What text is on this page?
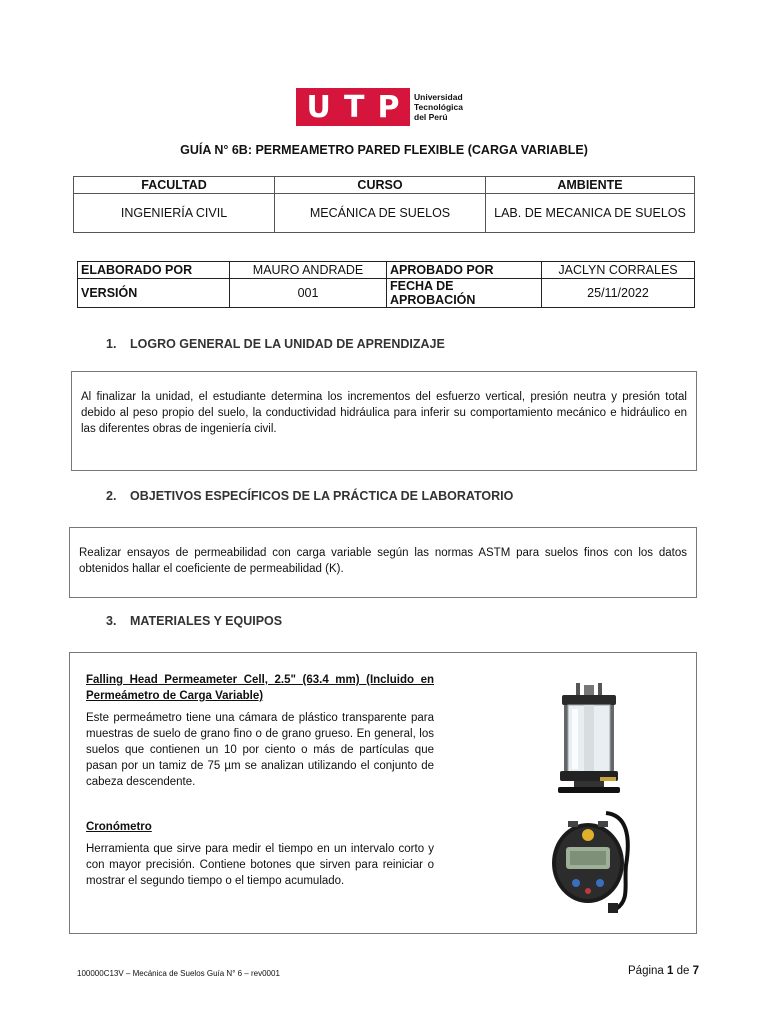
U T P Universidad
Tecnológica
del Perú
GUÍA N° 6B: PERMEAMETRO PARED FLEXIBLE (CARGA VARIABLE)
FACULTAD	CURSO	AMBIENTE
INGENIERÍA CIVIL	MECÁNICA DE SUELOS	LAB. DE MECANICA DE SUELOS
ELABORADO POR	MAURO ANDRADE	APROBADO POR	JACLYN CORRALES
VERSIÓN	001	FECHA DE APROBACIÓN	25/11/2022
1. LOGRO GENERAL DE LA UNIDAD DE APRENDIZAJE
Al finalizar la unidad, el estudiante determina los incrementos del esfuerzo vertical, presión neutra y presión total debido al peso propio del suelo, la conductividad hidráulica para inferir su comportamiento mecánico e hidráulico en las diferentes obras de ingeniería civil.
2. OBJETIVOS ESPECÍFICOS DE LA PRÁCTICA DE LABORATORIO
Realizar ensayos de permeabilidad con carga variable según las normas ASTM para suelos finos con los datos obtenidos hallar el coeficiente de permeabilidad (K).
3. MATERIALES Y EQUIPOS
Falling Head Permeameter Cell, 2.5" (63.4 mm) (Incluido en Permeámetro de Carga Variable)
Este permeámetro tiene una cámara de plástico transparente para muestras de suelo de grano fino o de grano grueso. En general, los suelos que contienen un 10 por ciento o más de partículas que pasan por un tamiz de 75 µm se analizan utilizando el conjunto de cabeza descendente.
Cronómetro
Herramienta que sirve para medir el tiempo en un intervalo corto y con mayor precisión. Contiene botones que sirven para reiniciar o mostrar el segundo tiempo o el tiempo acumulado.
100000C13V – Mecánica de Suelos Guía N° 6 – rev0001	Página 1 de 7
